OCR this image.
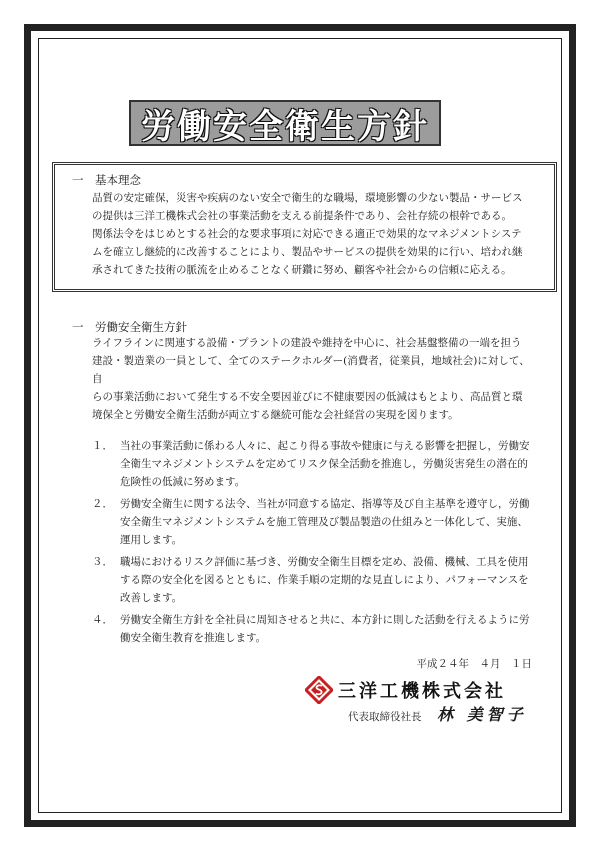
労働安全衛生方針
一　基本理念
品質の安定確保，災害や疾病のない安全で衛生的な職場，環境影響の少ない製品・サービス
の提供は三洋工機株式会社の事業活動を支える前提条件であり、会社存続の根幹である。
関係法令をはじめとする社会的な要求事項に対応できる適正で効果的なマネジメントシステ
ムを確立し継続的に改善することにより、製品やサービスの提供を効果的に行い、培われ継
承されてきた技術の脈流を止めることなく研鑽に努め、顧客や社会からの信頼に応える。
一　労働安全衛生方針
ライフラインに関連する設備・プラントの建設や維持を中心に、社会基盤整備の一端を担う
建設・製造業の一員として、全てのステークホルダー(消費者，従業員，地域社会)に対して、自
らの事業活動において発生する不安全要因並びに不健康要因の低減はもとより、高品質と環
境保全と労働安全衛生活動が両立する継続可能な会社経営の実現を図ります。
１． 当社の事業活動に係わる人々に、起こり得る事故や健康に与える影響を把握し，労働安
全衛生マネジメントシステムを定めてリスク保全活動を推進し，労働災害発生の潜在的
危険性の低減に努めます。
２． 労働安全衛生に関する法令、当社が同意する協定、指導等及び自主基準を遵守し，労働
安全衛生マネジメントシステムを施工管理及び製品製造の仕組みと一体化して、実施、
運用します。
３． 職場におけるリスク評価に基づき、労働安全衛生目標を定め、設備、機械、工具を使用
する際の安全化を図るとともに、作業手順の定期的な見直しにより、パフォーマンスを
改善します。
４． 労働安全衛生方針を全社員に周知させると共に、本方針に則した活動を行えるように労
働安全衛生教育を推進します。
平成２４年　４月　１日
三洋工機株式会社
代表取締役社長 林 美智子
